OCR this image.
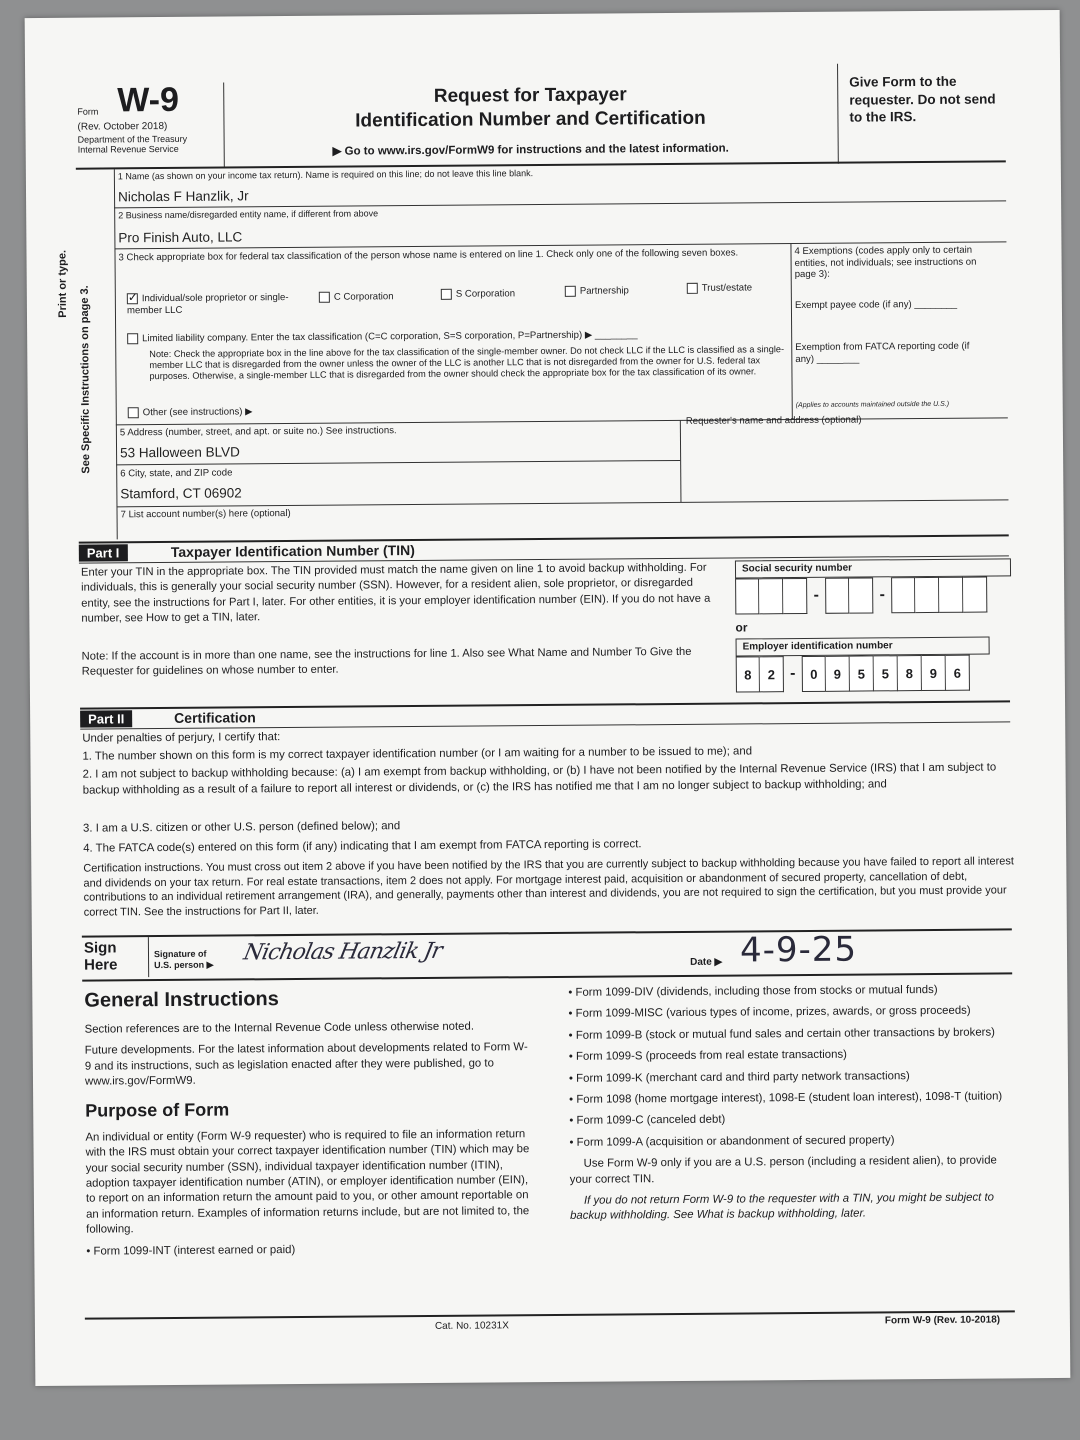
Form W-9
(Rev. October 2018)
Department of the Treasury
Internal Revenue Service
Request for Taxpayer
Identification Number and Certification
▶ Go to www.irs.gov/FormW9 for instructions and the latest information.
Give Form to the requester. Do not send to the IRS.
Print or type.
See Specific Instructions on page 3.
1 Name (as shown on your income tax return). Name is required on this line; do not leave this line blank.
Nicholas F Hanzlik, Jr
2 Business name/disregarded entity name, if different from above
Pro Finish Auto, LLC
3 Check appropriate box for federal tax classification of the person whose name is entered on line 1. Check only one of the following seven boxes.
✓Individual/sole proprietor or single-member LLC
C Corporation	S Corporation	Partnership	Trust/estate
Limited liability company. Enter the tax classification (C=C corporation, S=S corporation, P=Partnership) ▶ ________
Note: Check the appropriate box in the line above for the tax classification of the single-member owner. Do not check LLC if the LLC is classified as a single-member LLC that is disregarded from the owner unless the owner of the LLC is another LLC that is not disregarded from the owner for U.S. federal tax purposes. Otherwise, a single-member LLC that is disregarded from the owner should check the appropriate box for the tax classification of its owner.
Other (see instructions) ▶
4 Exemptions (codes apply only to certain entities, not individuals; see instructions on page 3):
Exempt payee code (if any) ________
Exemption from FATCA reporting code (if any) ________
(Applies to accounts maintained outside the U.S.)
5 Address (number, street, and apt. or suite no.) See instructions.
53 Halloween BLVD
Requester's name and address (optional)
6 City, state, and ZIP code
Stamford, CT 06902
7 List account number(s) here (optional)
Part I	Taxpayer Identification Number (TIN)
Enter your TIN in the appropriate box. The TIN provided must match the name given on line 1 to avoid backup withholding. For individuals, this is generally your social security number (SSN). However, for a resident alien, sole proprietor, or disregarded entity, see the instructions for Part I, later. For other entities, it is your employer identification number (EIN). If you do not have a number, see How to get a TIN, later.
Note: If the account is in more than one name, see the instructions for line 1. Also see What Name and Number To Give the Requester for guidelines on whose number to enter.
Social security number
-	-
or
Employer identification number
8 2 - 0 9 5 5 8 9 6
Part II	Certification
Under penalties of perjury, I certify that:
1. The number shown on this form is my correct taxpayer identification number (or I am waiting for a number to be issued to me); and
2. I am not subject to backup withholding because: (a) I am exempt from backup withholding, or (b) I have not been notified by the Internal Revenue Service (IRS) that I am subject to backup withholding as a result of a failure to report all interest or dividends, or (c) the IRS has notified me that I am no longer subject to backup withholding; and
3. I am a U.S. citizen or other U.S. person (defined below); and
4. The FATCA code(s) entered on this form (if any) indicating that I am exempt from FATCA reporting is correct.
Certification instructions. You must cross out item 2 above if you have been notified by the IRS that you are currently subject to backup withholding because you have failed to report all interest and dividends on your tax return. For real estate transactions, item 2 does not apply. For mortgage interest paid, acquisition or abandonment of secured property, cancellation of debt, contributions to an individual retirement arrangement (IRA), and generally, payments other than interest and dividends, you are not required to sign the certification, but you must provide your correct TIN. See the instructions for Part II, later.
Sign
Here
Signature of
U.S. person ▶ Nicholas Hanzlik Jr	Date ▶ 4-9-25
General Instructions

Section references are to the Internal Revenue Code unless otherwise noted.

Future developments. For the latest information about developments related to Form W-9 and its instructions, such as legislation enacted after they were published, go to www.irs.gov/FormW9.

Purpose of Form

An individual or entity (Form W-9 requester) who is required to file an information return with the IRS must obtain your correct taxpayer identification number (TIN) which may be your social security number (SSN), individual taxpayer identification number (ITIN), adoption taxpayer identification number (ATIN), or employer identification number (EIN), to report on an information return the amount paid to you, or other amount reportable on an information return. Examples of information returns include, but are not limited to, the following.

• Form 1099-INT (interest earned or paid)

• Form 1099-DIV (dividends, including those from stocks or mutual funds)

• Form 1099-MISC (various types of income, prizes, awards, or gross proceeds)

• Form 1099-B (stock or mutual fund sales and certain other transactions by brokers)

• Form 1099-S (proceeds from real estate transactions)

• Form 1099-K (merchant card and third party network transactions)

• Form 1098 (home mortgage interest), 1098-E (student loan interest), 1098-T (tuition)

• Form 1099-C (canceled debt)

• Form 1099-A (acquisition or abandonment of secured property)

Use Form W-9 only if you are a U.S. person (including a resident alien), to provide your correct TIN.

If you do not return Form W-9 to the requester with a TIN, you might be subject to backup withholding. See What is backup withholding, later.

Cat. No. 10231X	Form W-9 (Rev. 10-2018)
